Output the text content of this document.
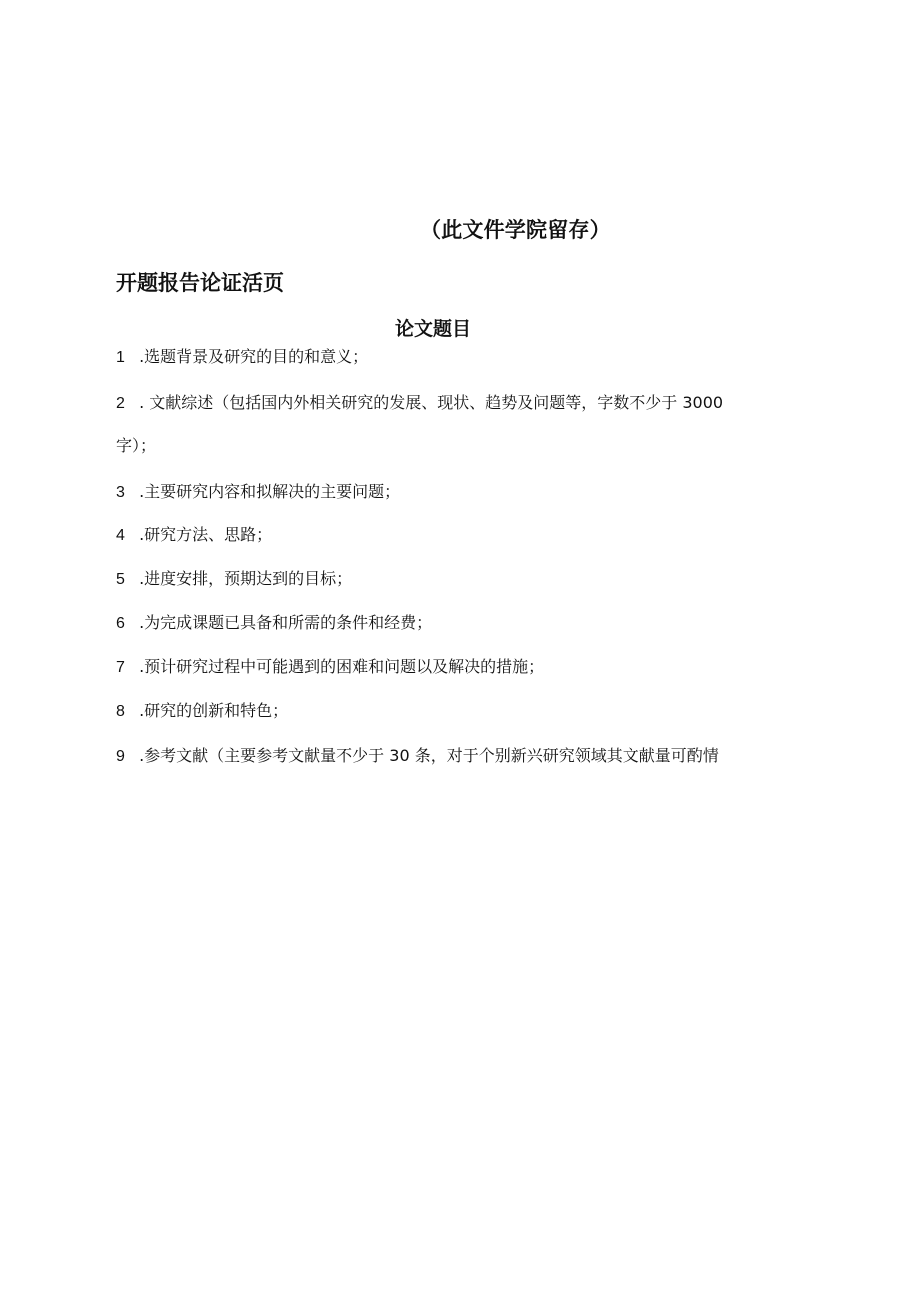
（此文件学院留存）
开题报告论证活页
论文题目
1 .选题背景及研究的目的和意义；
2 . 文献综述（包括国内外相关研究的发展、现状、趋势及问题等，字数不少于 3000
字）；
3 .主要研究内容和拟解决的主要问题；
4 .研究方法、思路；
5 .进度安排，预期达到的目标；
6 .为完成课题已具备和所需的条件和经费；
7 .预计研究过程中可能遇到的困难和问题以及解决的措施；
8 .研究的创新和特色；
9 .参考文献（主要参考文献量不少于 30 条，对于个别新兴研究领域其文献量可酌情
